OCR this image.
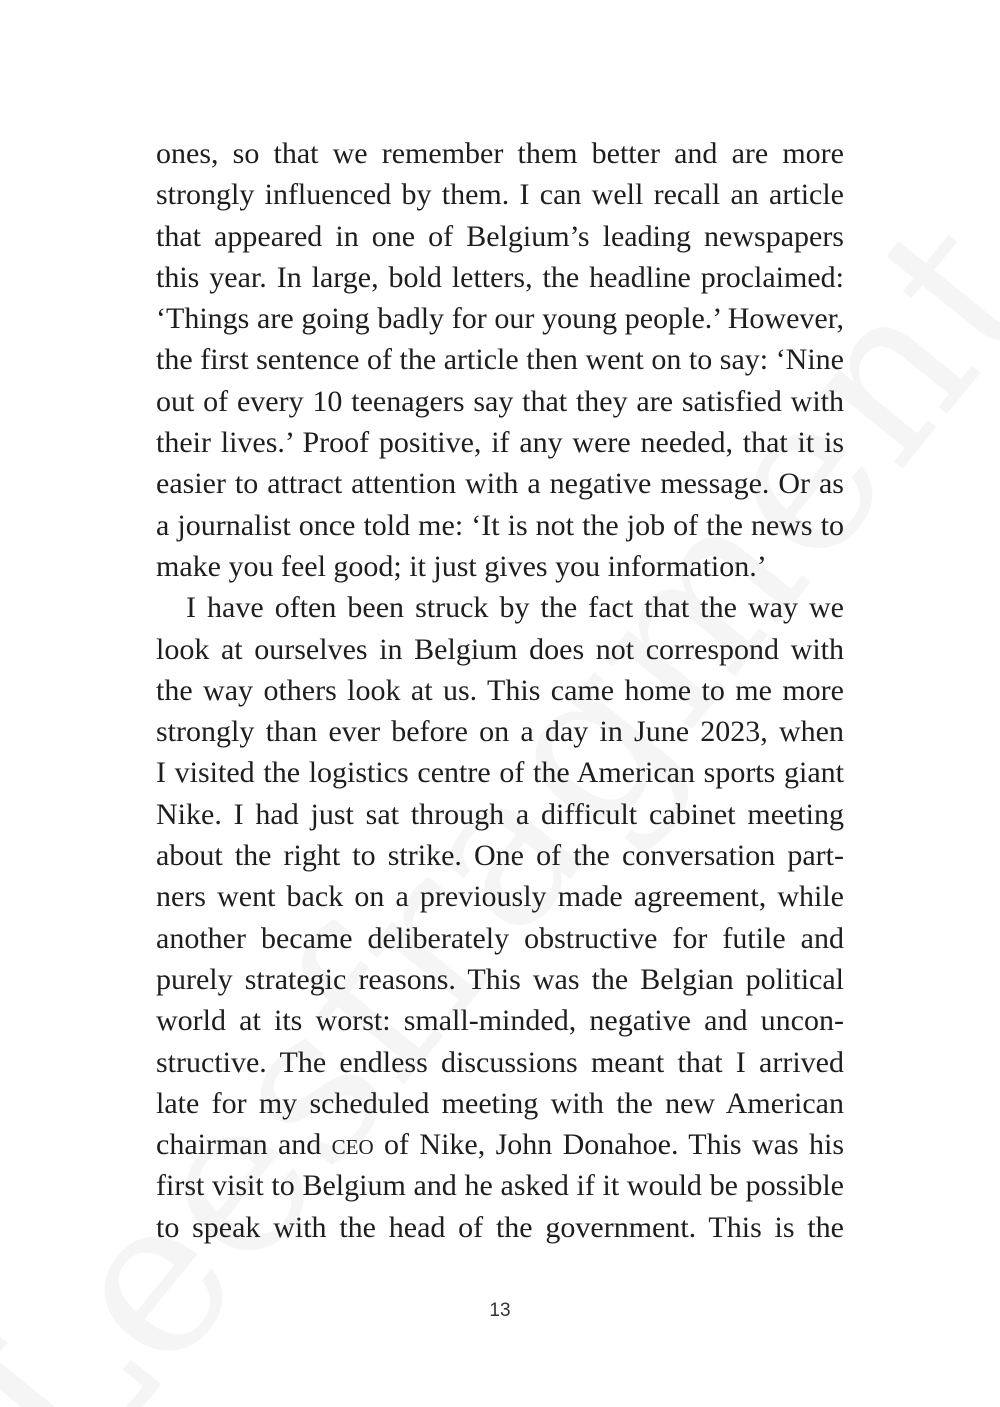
ones, so that we remember them better and are more
strongly influenced by them. I can well recall an article
that appeared in one of Belgium’s leading newspapers
this year. In large, bold letters, the headline proclaimed:
‘Things are going badly for our young people.’ However,
the first sentence of the article then went on to say: ‘Nine
out of every 10 teenagers say that they are satisfied with
their lives.’ Proof positive, if any were needed, that it is
easier to attract attention with a negative message. Or as
a journalist once told me: ‘It is not the job of the news to
make you feel good; it just gives you information.’

I have often been struck by the fact that the way we
look at ourselves in Belgium does not correspond with
the way others look at us. This came home to me more
strongly than ever before on a day in June 2023, when
I visited the logistics centre of the American sports giant
Nike. I had just sat through a difficult cabinet meeting
about the right to strike. One of the conversation part-
ners went back on a previously made agreement, while
another became deliberately obstructive for futile and
purely strategic reasons. This was the Belgian political
world at its worst: small-minded, negative and uncon-
structive. The endless discussions meant that I arrived
late for my scheduled meeting with the new American
chairman and ceo of Nike, John Donahoe. This was his
first visit to Belgium and he asked if it would be possible
to speak with the head of the government. This is the

13
